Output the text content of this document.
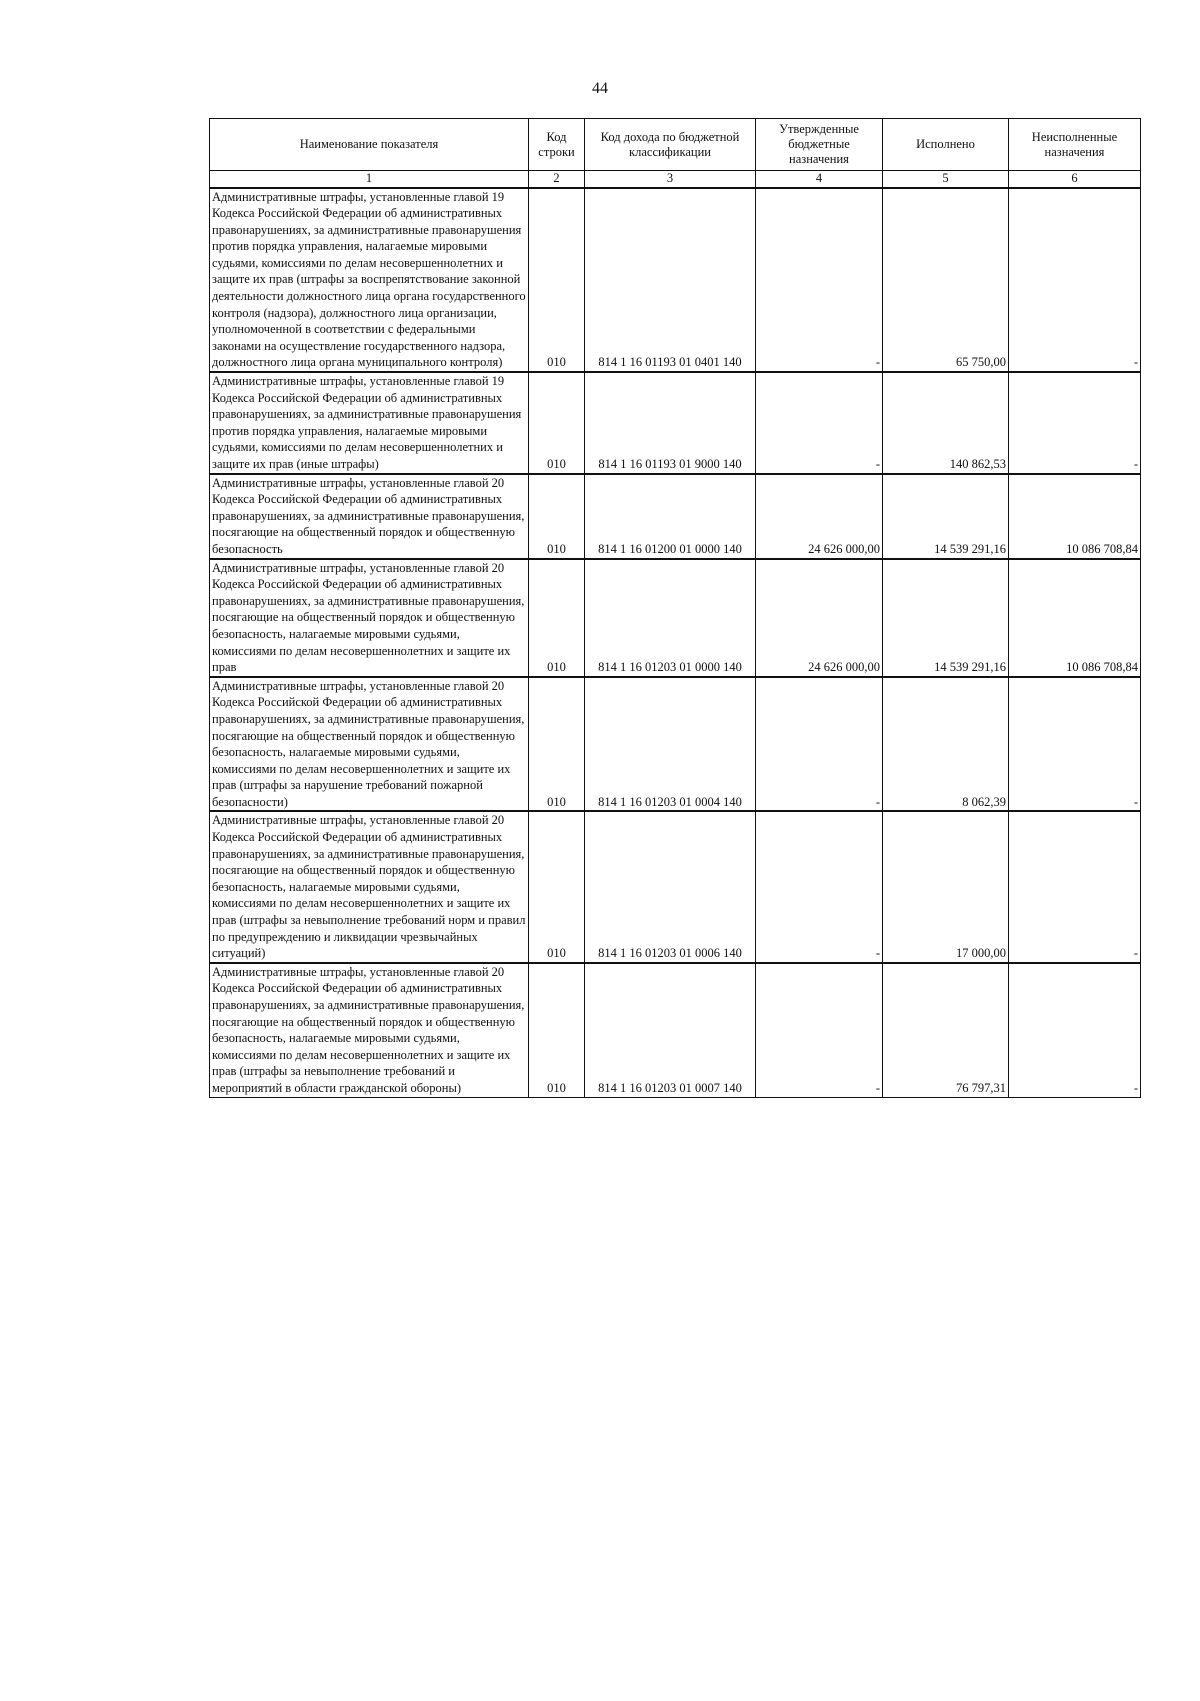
44
Наименование показателя	Код строки	Код дохода по бюджетной классификации	Утвержденные бюджетные назначения	Исполнено	Неисполненные назначения
1	2	3	4	5	6
Административные штрафы, установленные главой 19 Кодекса Российской Федерации об административных правонарушениях, за административные правонарушения против порядка управления, налагаемые мировыми судьями, комиссиями по делам несовершеннолетних и защите их прав (штрафы за воспрепятствование законной деятельности должностного лица органа государственного контроля (надзора), должностного лица организации, уполномоченной в соответствии с федеральными законами на осуществление государственного надзора, должностного лица органа муниципального контроля)	010	814 1 16 01193 01 0401 140	-	65 750,00	-
Административные штрафы, установленные главой 19 Кодекса Российской Федерации об административных правонарушениях, за административные правонарушения против порядка управления, налагаемые мировыми судьями, комиссиями по делам несовершеннолетних и защите их прав (иные штрафы)	010	814 1 16 01193 01 9000 140	-	140 862,53	-
Административные штрафы, установленные главой 20 Кодекса Российской Федерации об административных правонарушениях, за административные правонарушения, посягающие на общественный порядок и общественную безопасность	010	814 1 16 01200 01 0000 140	24 626 000,00	14 539 291,16	10 086 708,84
Административные штрафы, установленные главой 20 Кодекса Российской Федерации об административных правонарушениях, за административные правонарушения, посягающие на общественный порядок и общественную безопасность, налагаемые мировыми судьями, комиссиями по делам несовершеннолетних и защите их прав	010	814 1 16 01203 01 0000 140	24 626 000,00	14 539 291,16	10 086 708,84
Административные штрафы, установленные главой 20 Кодекса Российской Федерации об административных правонарушениях, за административные правонарушения, посягающие на общественный порядок и общественную безопасность, налагаемые мировыми судьями, комиссиями по делам несовершеннолетних и защите их прав (штрафы за нарушение требований пожарной безопасности)	010	814 1 16 01203 01 0004 140	-	8 062,39	-
Административные штрафы, установленные главой 20 Кодекса Российской Федерации об административных правонарушениях, за административные правонарушения, посягающие на общественный порядок и общественную безопасность, налагаемые мировыми судьями, комиссиями по делам несовершеннолетних и защите их прав (штрафы за невыполнение требований норм и правил по предупреждению и ликвидации чрезвычайных ситуаций)	010	814 1 16 01203 01 0006 140	-	17 000,00	-
Административные штрафы, установленные главой 20 Кодекса Российской Федерации об административных правонарушениях, за административные правонарушения, посягающие на общественный порядок и общественную безопасность, налагаемые мировыми судьями, комиссиями по делам несовершеннолетних и защите их прав (штрафы за невыполнение требований и мероприятий в области гражданской обороны)	010	814 1 16 01203 01 0007 140	-	76 797,31	-
